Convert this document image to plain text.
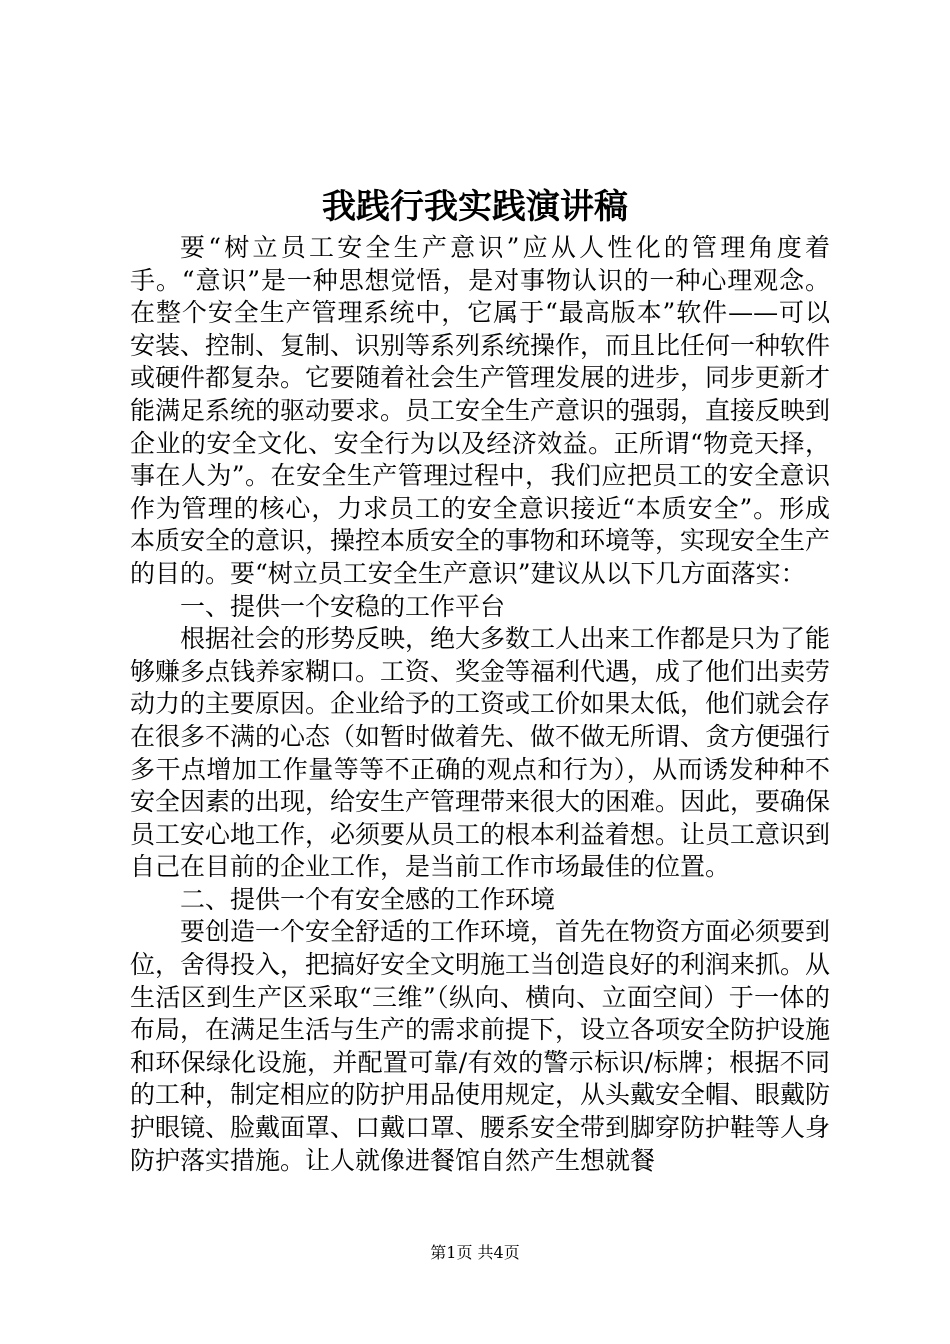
我践行我实践演讲稿

要“树立员工安全生产意识”应从人性化的管理角度着手。“意识”是一种思想觉悟，是对事物认识的一种心理观念。在整个安全生产管理系统中，它属于“最高版本”软件——可以安装、控制、复制、识别等系列系统操作，而且比任何一种软件或硬件都复杂。它要随着社会生产管理发展的进步，同步更新才能满足系统的驱动要求。员工安全生产意识的强弱，直接反映到企业的安全文化、安全行为以及经济效益。正所谓“物竞天择，事在人为”。在安全生产管理过程中，我们应把员工的安全意识作为管理的核心，力求员工的安全意识接近“本质安全”。形成本质安全的意识，操控本质安全的事物和环境等，实现安全生产的目的。要“树立员工安全生产意识”建议从以下几方面落实：

一、提供一个安稳的工作平台

根据社会的形势反映，绝大多数工人出来工作都是只为了能够赚多点钱养家糊口。工资、奖金等福利代遇，成了他们出卖劳动力的主要原因。企业给予的工资或工价如果太低，他们就会存在很多不满的心态（如暂时做着先、做不做无所谓、贪方便强行多干点增加工作量等等不正确的观点和行为），从而诱发种种不安全因素的出现，给安生产管理带来很大的困难。因此，要确保员工安心地工作，必须要从员工的根本利益着想。让员工意识到自己在目前的企业工作，是当前工作市场最佳的位置。

二、提供一个有安全感的工作环境

要创造一个安全舒适的工作环境，首先在物资方面必须要到位，舍得投入，把搞好安全文明施工当创造良好的利润来抓。从生活区到生产区采取“三维”（纵向、横向、立面空间）于一体的布局，在满足生活与生产的需求前提下，设立各项安全防护设施和环保绿化设施，并配置可靠/有效的警示标识/标牌；根据不同的工种，制定相应的防护用品使用规定，从头戴安全帽、眼戴防护眼镜、脸戴面罩、口戴口罩、腰系安全带到脚穿防护鞋等人身防护落实措施。让人就像进餐馆自然产生想就餐

第1页 共4页
